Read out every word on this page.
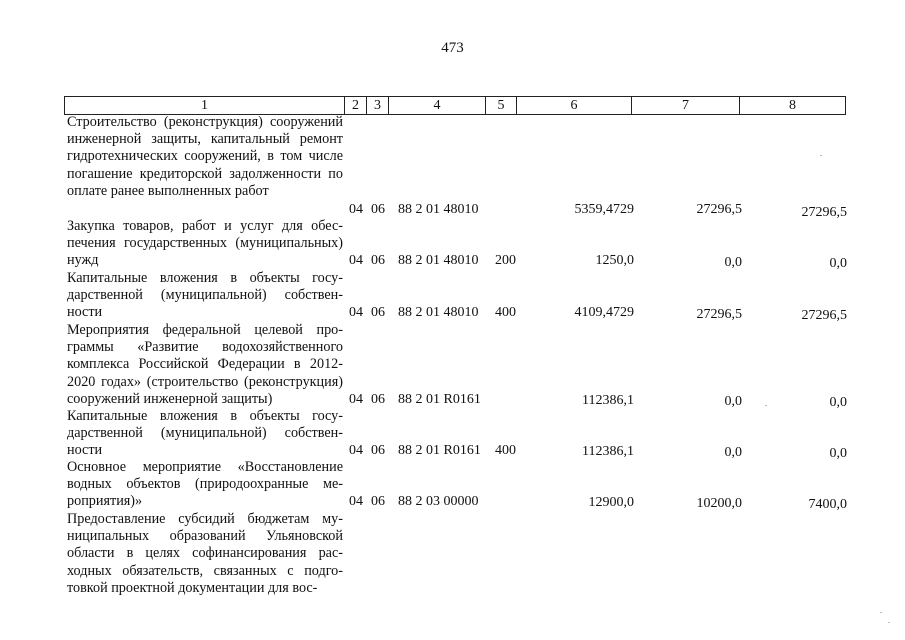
473
1	2	3	4	5	6	7	8
Строительство (реконструкция) сооружений инженерной защиты, капитальный ремонт гидротехнических сооружений, в том числе погашение кредиторской задолженности по оплате ранее выполненных работ
04 06 88 2 01 48010	5359,4729	27296,5	27296,5
Закупка товаров, работ и услуг для обеспечения государственных (муниципальных) нужд	04 06 88 2 01 48010 200	1250,0	0,0	0,0
Капитальные вложения в объекты государственной (муниципальной) собственности	04 06 88 2 01 48010 400	4109,4729	27296,5	27296,5
Мероприятия федеральной целевой программы «Развитие водохозяйственного комплекса Российской Федерации в 2012-2020 годах» (строительство (реконструкция) сооружений инженерной защиты)	04 06 88 2 01 R0161	112386,1	0,0	0,0
Капитальные вложения в объекты государственной (муниципальной) собственности	04 06 88 2 01 R0161 400	112386,1	0,0	0,0
Основное мероприятие «Восстановление водных объектов (природоохранные мероприятия)»	04 06 88 2 03 00000	12900,0	10200,0	7400,0
Предоставление субсидий бюджетам муниципальных образований Ульяновской области в целях софинансирования расходных обязательств, связанных с подготовкой проектной документации для вос-
